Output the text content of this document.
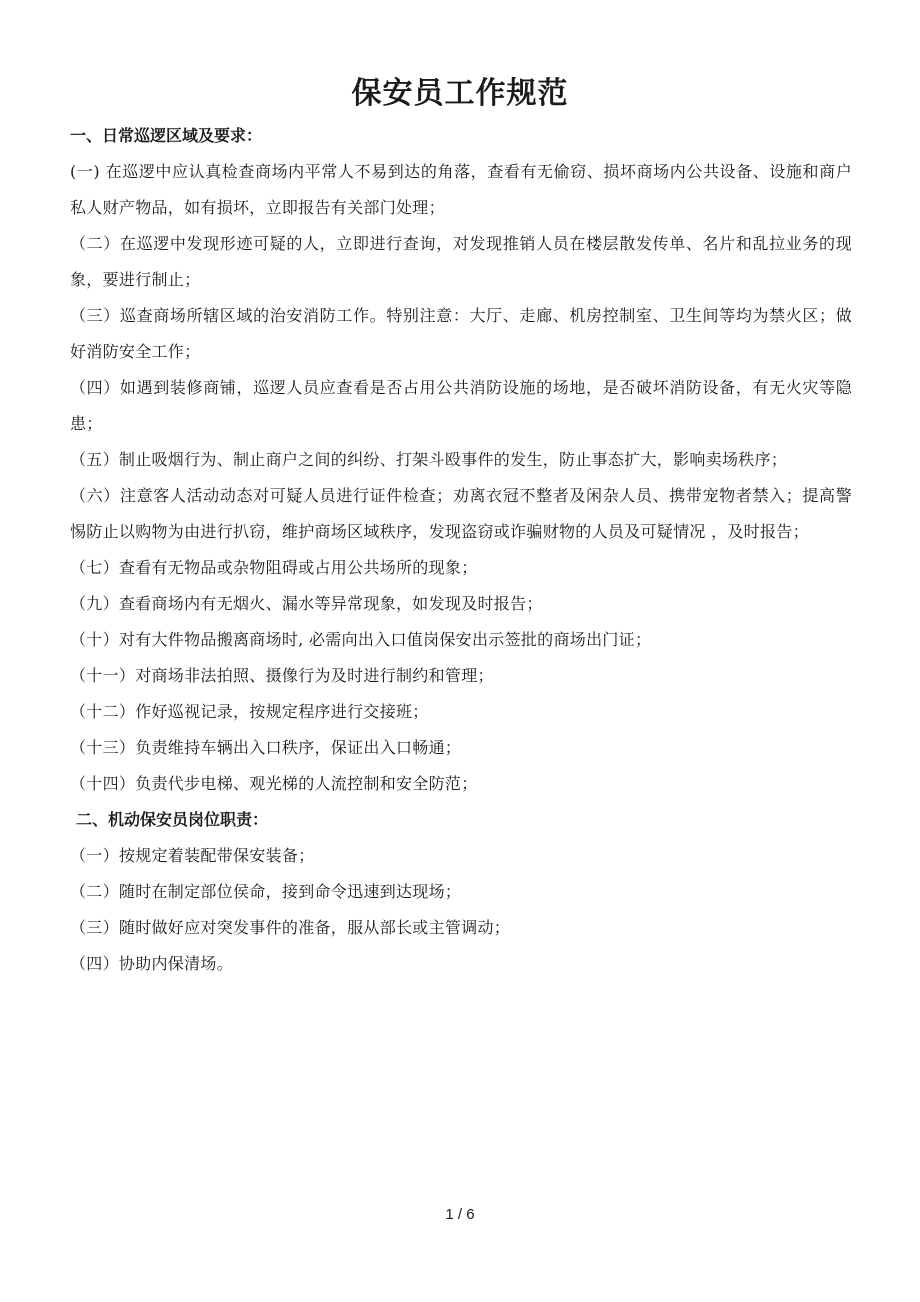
保安员工作规范

一、日常巡逻区域及要求：

(一) 在巡逻中应认真检查商场内平常人不易到达的角落，查看有无偷窃、损坏商场内公共设备、设施和商户私人财产物品，如有损坏，立即报告有关部门处理；

（二）在巡逻中发现形迹可疑的人，立即进行查询，对发现推销人员在楼层散发传单、名片和乱拉业务的现象，要进行制止；

（三）巡查商场所辖区域的治安消防工作。特别注意：大厅、走廊、机房控制室、卫生间等均为禁火区；做好消防安全工作；

（四）如遇到装修商铺，巡逻人员应查看是否占用公共消防设施的场地，是否破坏消防设备，有无火灾等隐患；

（五）制止吸烟行为、制止商户之间的纠纷、打架斗殴事件的发生，防止事态扩大，影响卖场秩序；

（六）注意客人活动动态对可疑人员进行证件检查；劝离衣冠不整者及闲杂人员、携带宠物者禁入；提高警惕防止以购物为由进行扒窃，维护商场区域秩序，发现盗窃或诈骗财物的人员及可疑情况 ，及时报告；

（七）查看有无物品或杂物阻碍或占用公共场所的现象；

（九）查看商场内有无烟火、漏水等异常现象，如发现及时报告；

（十）对有大件物品搬离商场时, 必需向出入口值岗保安出示签批的商场出门证；

（十一）对商场非法拍照、摄像行为及时进行制约和管理；

（十二）作好巡视记录，按规定程序进行交接班；

（十三）负责维持车辆出入口秩序，保证出入口畅通；

（十四）负责代步电梯、观光梯的人流控制和安全防范；

二、机动保安员岗位职责：

（一）按规定着装配带保安装备；

（二）随时在制定部位侯命，接到命令迅速到达现场；

（三）随时做好应对突发事件的准备，服从部长或主管调动；

（四）协助内保清场。

1 / 6
